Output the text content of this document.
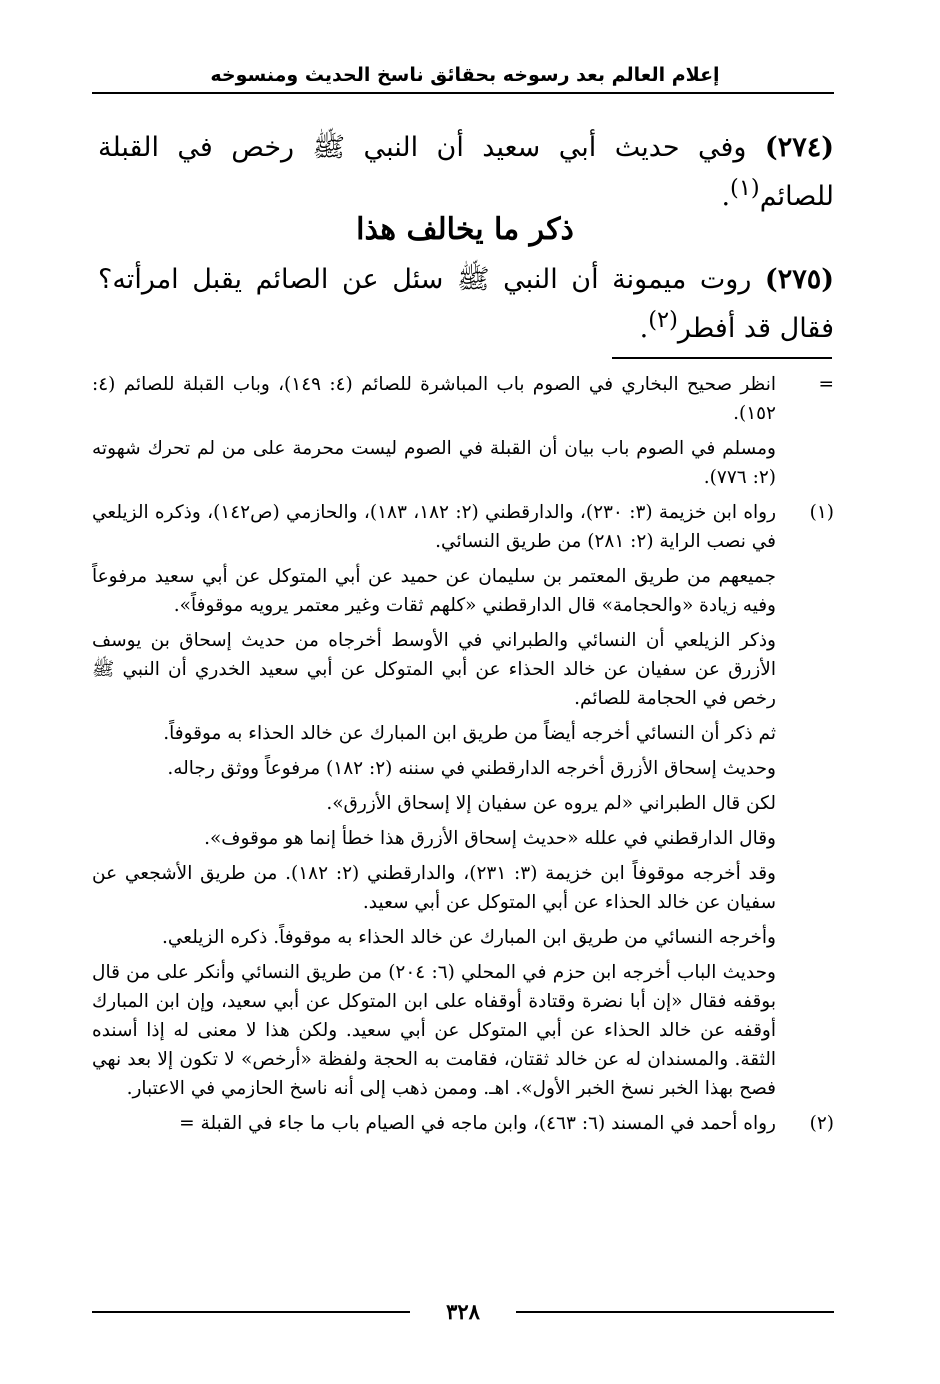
إعلام العالم بعد رسوخه بحقائق ناسخ الحديث ومنسوخه
(٢٧٤) وفي حديث أبي سعيد أن النبي ﷺ رخص في القبلة للصائم$^{(١)}$.
ذكر ما يخالف هذا
(٢٧٥) روت ميمونة أن النبي ﷺ سئل عن الصائم يقبل امرأته؟ فقال قد أفطر$^{(٢)}$.
=

انظر صحيح البخاري في الصوم باب المباشرة للصائم (٤: ١٤٩)، وباب القبلة للصائم (٤: ١٥٢).

ومسلم في الصوم باب بيان أن القبلة في الصوم ليست محرمة على من لم تحرك شهوته (٢: ٧٧٦).

(١)

رواه ابن خزيمة (٣: ٢٣٠)، والدارقطني (٢: ١٨٢، ١٨٣)، والحازمي (ص١٤٢)، وذكره الزيلعي في نصب الراية (٢: ٢٨١) من طريق النسائي.

جميعهم من طريق المعتمر بن سليمان عن حميد عن أبي المتوكل عن أبي سعيد مرفوعاً وفيه زيادة «والحجامة» قال الدارقطني «كلهم ثقات وغير معتمر يرويه موقوفاً».

وذكر الزيلعي أن النسائي والطبراني في الأوسط أخرجاه من حديث إسحاق بن يوسف الأزرق عن سفيان عن خالد الحذاء عن أبي المتوكل عن أبي سعيد الخدري أن النبي ﷺ رخص في الحجامة للصائم.

ثم ذكر أن النسائي أخرجه أيضاً من طريق ابن المبارك عن خالد الحذاء به موقوفاً.

وحديث إسحاق الأزرق أخرجه الدارقطني في سننه (٢: ١٨٢) مرفوعاً ووثق رجاله.

لكن قال الطبراني «لم يروه عن سفيان إلا إسحاق الأزرق».

وقال الدارقطني في علله «حديث إسحاق الأزرق هذا خطأ إنما هو موقوف».

وقد أخرجه موقوفاً ابن خزيمة (٣: ٢٣١)، والدارقطني (٢: ١٨٢). من طريق الأشجعي عن سفيان عن خالد الحذاء عن أبي المتوكل عن أبي سعيد.

وأخرجه النسائي من طريق ابن المبارك عن خالد الحذاء به موقوفاً. ذكره الزيلعي.

وحديث الباب أخرجه ابن حزم في المحلي (٦: ٢٠٤) من طريق النسائي وأنكر على من قال بوقفه فقال «إن أبا نضرة وقتادة أوقفاه على ابن المتوكل عن أبي سعيد، وإن ابن المبارك أوقفه عن خالد الحذاء عن أبي المتوكل عن أبي سعيد. ولكن هذا لا معنى له إذا أسنده الثقة. والمسندان له عن خالد ثقتان، فقامت به الحجة ولفظة «أرخص» لا تكون إلا بعد نهي فصح بهذا الخبر نسخ الخبر الأول». اهـ. وممن ذهب إلى أنه ناسخ الحازمي في الاعتبار.

(٢)

رواه أحمد في المسند (٦: ٤٦٣)، وابن ماجه في الصيام باب ما جاء في القبلة =

٣٢٨
